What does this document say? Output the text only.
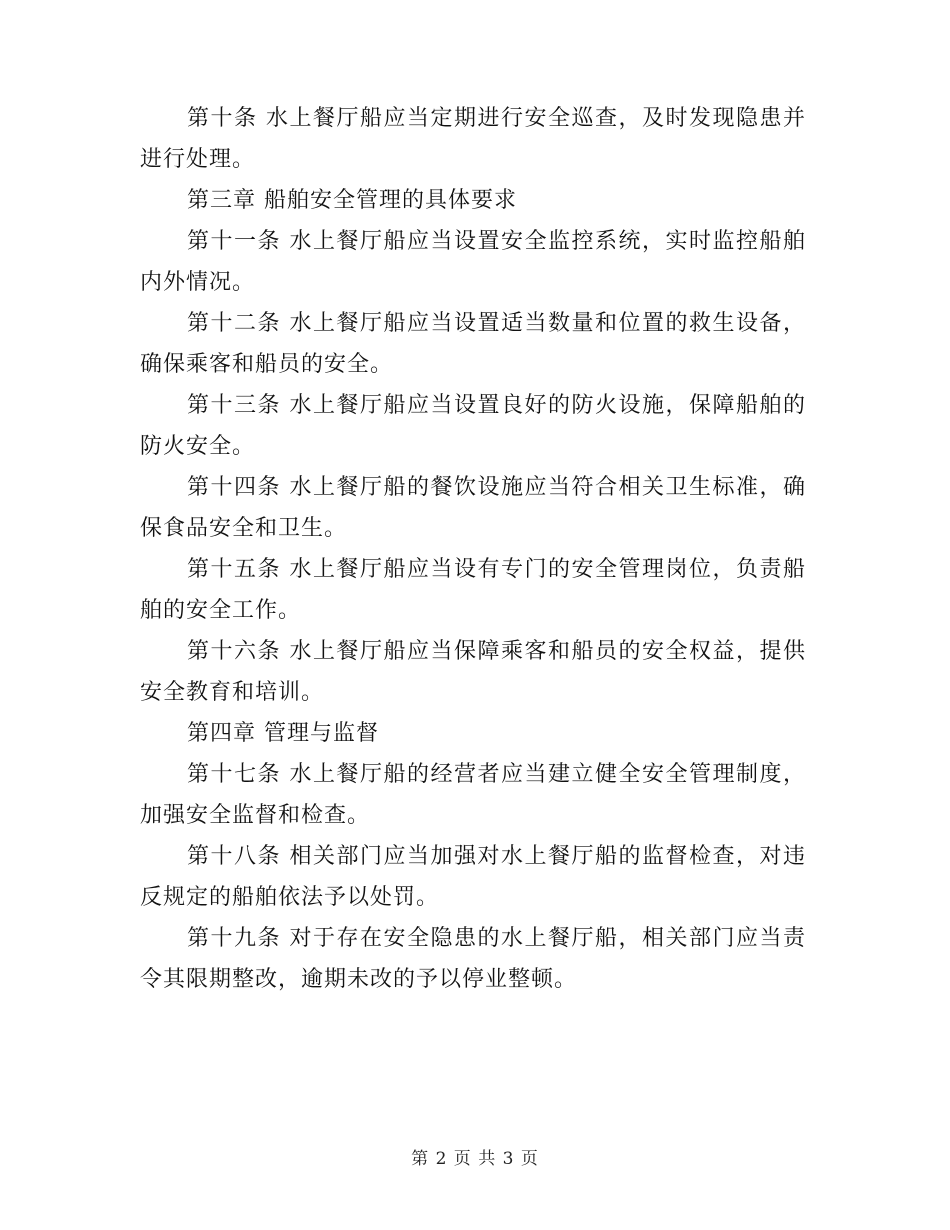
第十条 水上餐厅船应当定期进行安全巡查，及时发现隐患并进行处理。

第三章 船舶安全管理的具体要求

第十一条 水上餐厅船应当设置安全监控系统，实时监控船舶内外情况。

第十二条 水上餐厅船应当设置适当数量和位置的救生设备，确保乘客和船员的安全。

第十三条 水上餐厅船应当设置良好的防火设施，保障船舶的防火安全。

第十四条 水上餐厅船的餐饮设施应当符合相关卫生标准，确保食品安全和卫生。

第十五条 水上餐厅船应当设有专门的安全管理岗位，负责船舶的安全工作。

第十六条 水上餐厅船应当保障乘客和船员的安全权益，提供安全教育和培训。

第四章 管理与监督

第十七条 水上餐厅船的经营者应当建立健全安全管理制度，加强安全监督和检查。

第十八条 相关部门应当加强对水上餐厅船的监督检查，对违反规定的船舶依法予以处罚。

第十九条 对于存在安全隐患的水上餐厅船，相关部门应当责令其限期整改，逾期未改的予以停业整顿。

第 2 页 共 3 页
